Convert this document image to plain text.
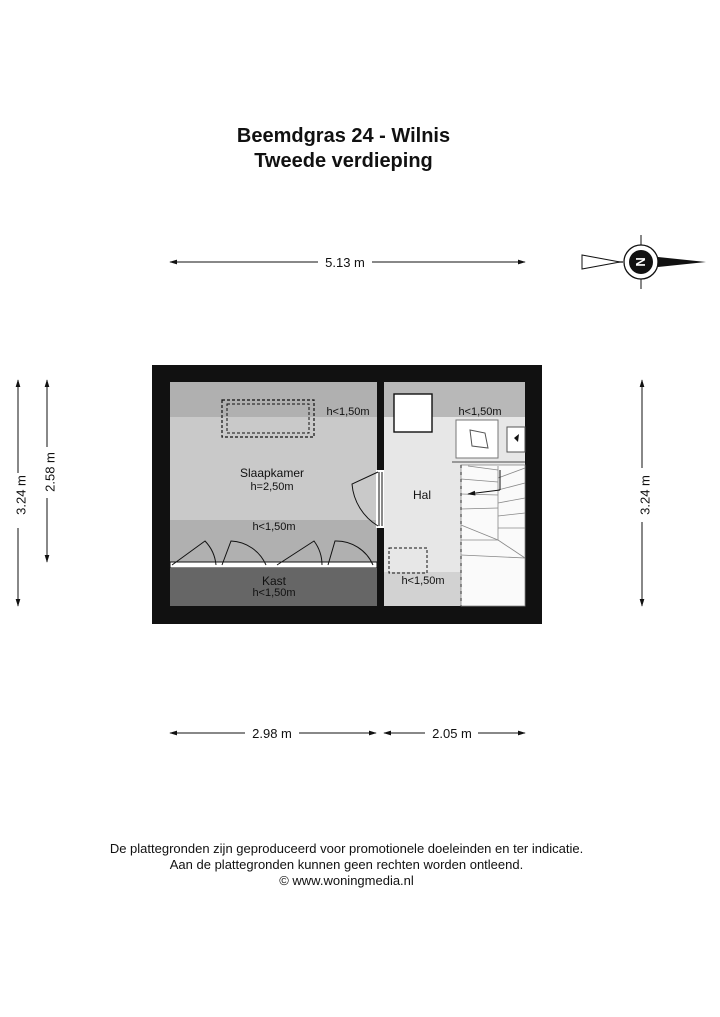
Beemdgras 24 - Wilnis
Tweede verdieping
5.13 m	N
3.24 m
2.58 m
3.24 m
h<1,50m
Slaapkamer
h=2,50m
h<1,50m
Kast
h<1,50m
h<1,50m
Hal
h<1,50m
2.98 m	2.05 m
De plattegronden zijn geproduceerd voor promotionele doeleinden en ter indicatie.
Aan de plattegronden kunnen geen rechten worden ontleend.
© www.woningmedia.nl
